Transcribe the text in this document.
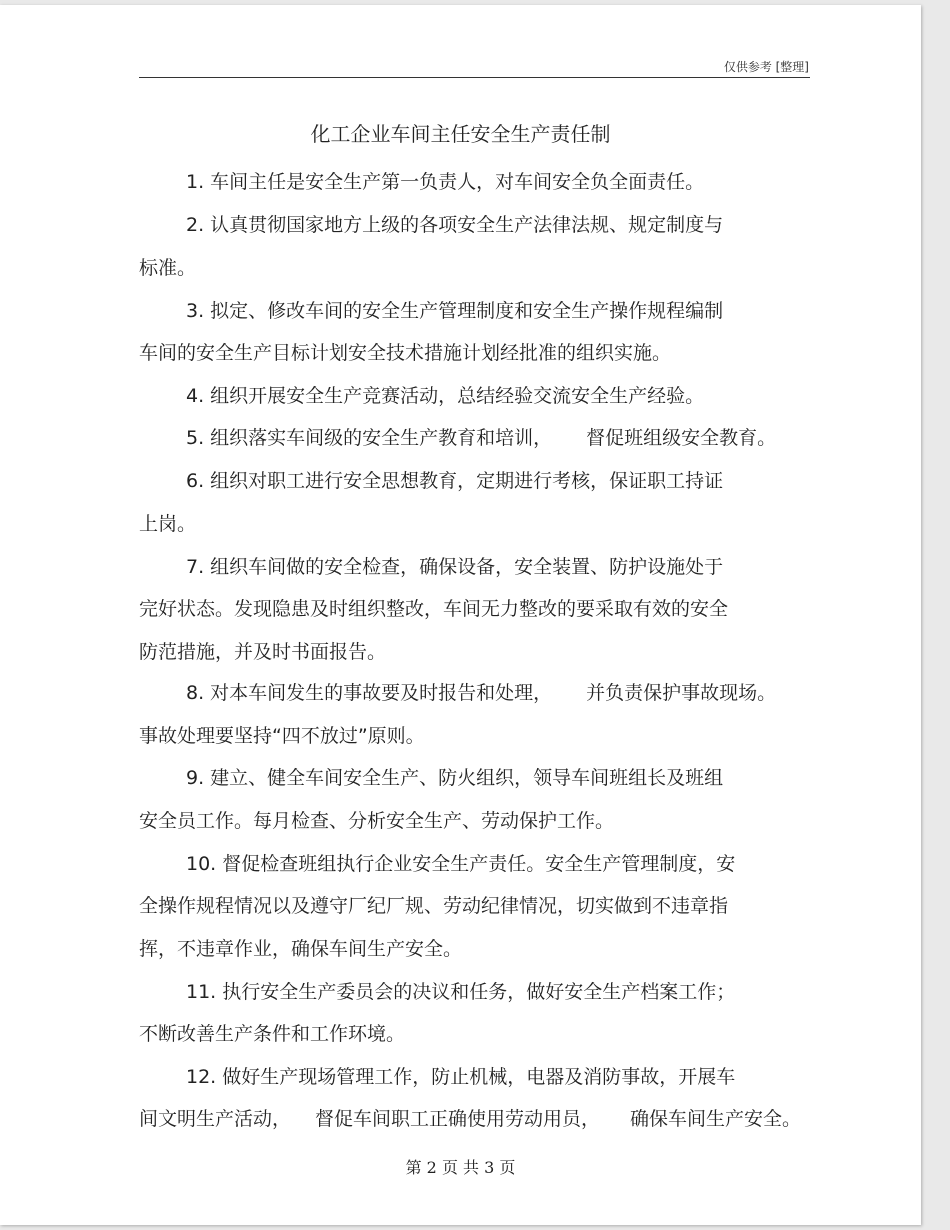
仅供参考 [整理]
化工企业车间主任安全生产责任制
1. 车间主任是安全生产第一负责人，对车间安全负全面责任。
2. 认真贯彻国家地方上级的各项安全生产法律法规、规定制度与
标准。
3. 拟定、修改车间的安全生产管理制度和安全生产操作规程编制
车间的安全生产目标计划安全技术措施计划经批准的组织实施。
4. 组织开展安全生产竞赛活动，总结经验交流安全生产经验。
5. 组织落实车间级的安全生产教育和培训， 督促班组级安全教育。
6. 组织对职工进行安全思想教育，定期进行考核，保证职工持证
上岗。
7. 组织车间做的安全检查，确保设备，安全装置、防护设施处于
完好状态。发现隐患及时组织整改，车间无力整改的要采取有效的安全
防范措施，并及时书面报告。
8. 对本车间发生的事故要及时报告和处理， 并负责保护事故现场。
事故处理要坚持“四不放过”原则。
9. 建立、健全车间安全生产、防火组织，领导车间班组长及班组
安全员工作。每月检查、分析安全生产、劳动保护工作。
10. 督促检查班组执行企业安全生产责任。安全生产管理制度，安
全操作规程情况以及遵守厂纪厂规、劳动纪律情况，切实做到不违章指
挥，不违章作业，确保车间生产安全。
11. 执行安全生产委员会的决议和任务，做好安全生产档案工作；
不断改善生产条件和工作环境。
12. 做好生产现场管理工作，防止机械，电器及消防事故，开展车
间文明生产活动， 督促车间职工正确使用劳动用员， 确保车间生产安全。
第 2 页 共 3 页
